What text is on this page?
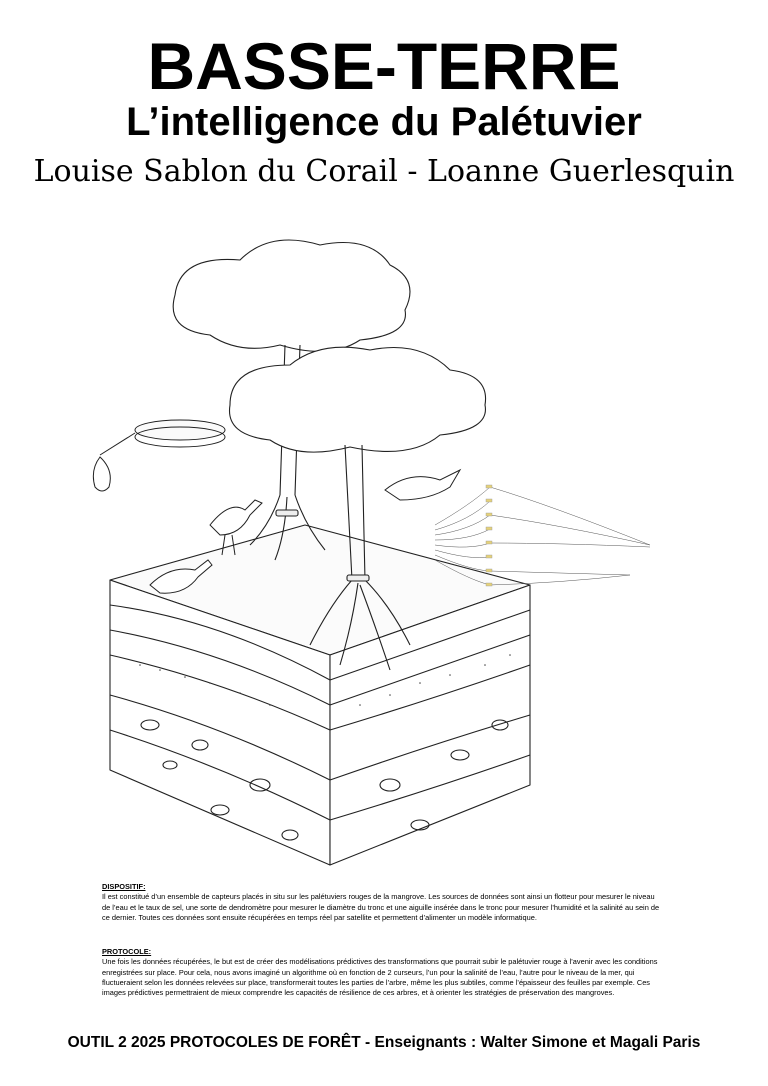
BASSE-TERRE
L’intelligence du Palétuvier
Louise Sablon du Corail - Loanne Guerlesquin
DISPOSITIF:
Il est constitué d’un ensemble de capteurs placés in situ sur les palétuviers rouges de la mangrove. Les sources de données sont ainsi un flotteur pour mesurer le niveau de l’eau et le taux de sel, une sorte de dendromètre pour mesurer le diamètre du tronc et une aiguille insérée dans le tronc pour mesurer l’humidité et la salinité au sein de ce dernier. Toutes ces données sont ensuite récupérées en temps réel par satellite et permettent d’alimenter un modèle informatique.
PROTOCOLE:
Une fois les données récupérées, le but est de créer des modélisations prédictives des transformations que pourrait subir le palétuvier rouge à l’avenir avec les conditions enregistrées sur place. Pour cela, nous avons imaginé un algorithme où en fonction de 2 curseurs, l’un pour la salinité de l’eau, l’autre pour le niveau de la mer, qui fluctueraient selon les données relevées sur place, transformerait toutes les parties de l’arbre, même les plus subtiles, comme l’épaisseur des feuilles par exemple. Ces images prédictives permettraient de mieux comprendre les capacités de résilience de ces arbres, et à orienter les stratégies de préservation des mangroves.
OUTIL 2 2025 PROTOCOLES DE FORÊT - Enseignants : Walter Simone et Magali Paris
